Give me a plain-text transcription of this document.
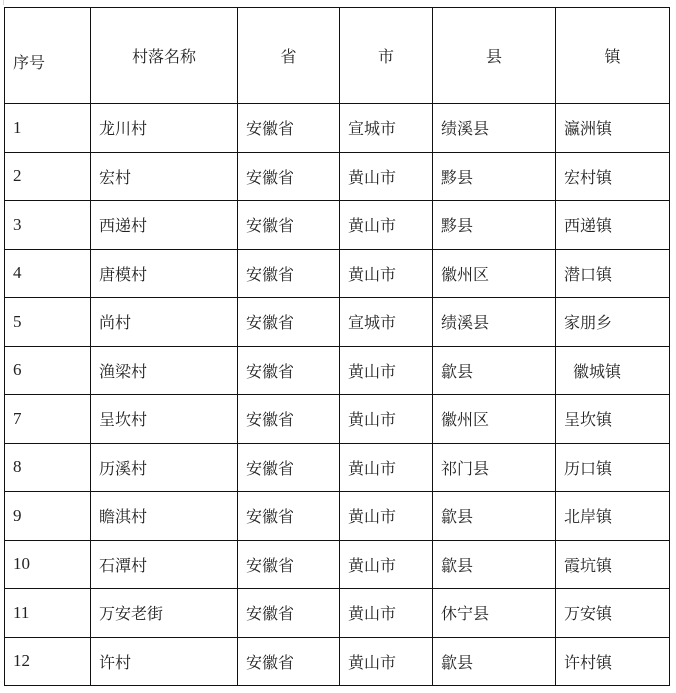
序号	村落名称	省	市	县	镇

1	龙川村	安徽省	宣城市	绩溪县	瀛洲镇
2	宏村	安徽省	黄山市	黟县	宏村镇
3	西递村	安徽省	黄山市	黟县	西递镇
4	唐模村	安徽省	黄山市	徽州区	潜口镇
5	尚村	安徽省	宣城市	绩溪县	家朋乡
6	渔梁村	安徽省	黄山市	歙县	徽城镇
7	呈坎村	安徽省	黄山市	徽州区	呈坎镇
8	历溪村	安徽省	黄山市	祁门县	历口镇
9	瞻淇村	安徽省	黄山市	歙县	北岸镇
10	石潭村	安徽省	黄山市	歙县	霞坑镇
11	万安老街	安徽省	黄山市	休宁县	万安镇
12	许村	安徽省	黄山市	歙县	许村镇
